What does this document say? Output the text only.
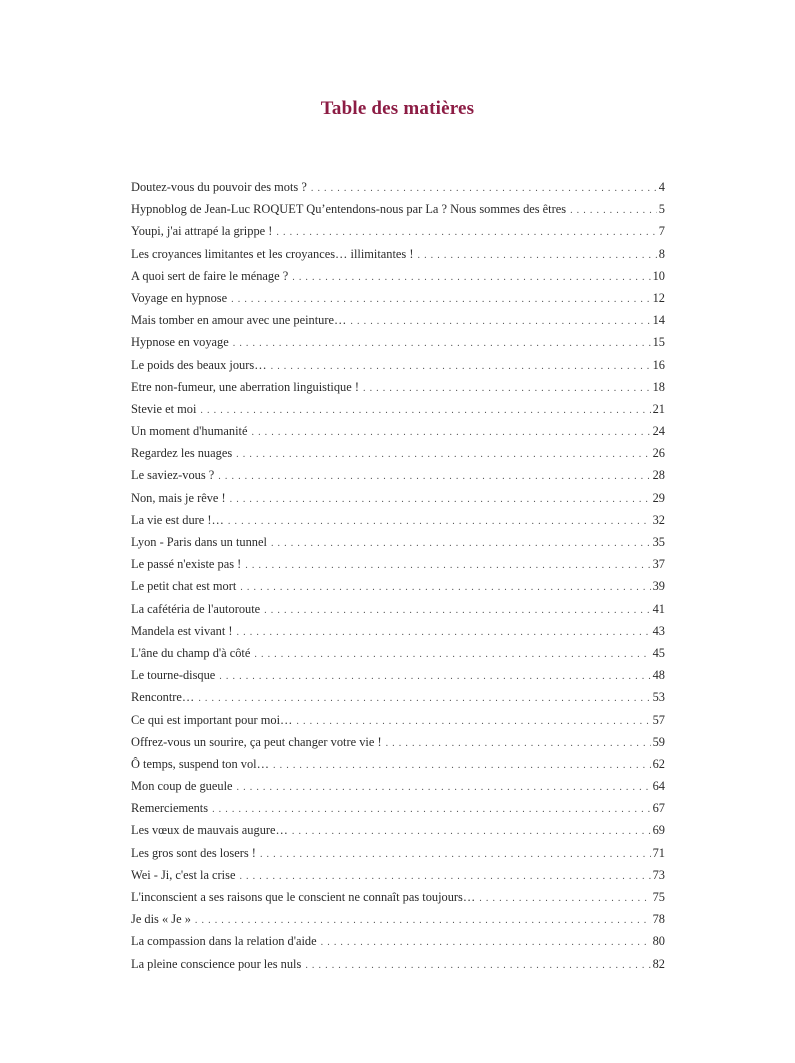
Table des matières
Doutez-vous du pouvoir des mots ? . . .	4
Hypnoblog de Jean-Luc ROQUET Qu’entendons-nous par La ? Nous sommes des êtres . . .	5
Youpi, j'ai attrapé la grippe ! . . .	7
Les croyances limitantes et les croyances… illimitantes ! . . .	8
A quoi sert de faire le ménage ? . . .	10
Voyage en hypnose . . .	12
Mais tomber en amour avec une peinture… . . .	14
Hypnose en voyage . . .	15
Le poids des beaux jours… . . .	16
Etre non-fumeur, une aberration linguistique ! . . .	18
Stevie et moi . . .	21
Un moment d'humanité . . .	24
Regardez les nuages . . .	26
Le saviez-vous ? . . .	28
Non, mais je rêve ! . . .	29
La vie est dure !… . . .	32
Lyon - Paris dans un tunnel . . .	35
Le passé n'existe pas ! . . .	37
Le petit chat est mort . . .	39
La cafétéria de l'autoroute . . .	41
Mandela est vivant ! . . .	43
L'âne du champ d'à côté . . .	45
Le tourne-disque . . .	48
Rencontre… . . .	53
Ce qui est important pour moi… . . .	57
Offrez-vous un sourire, ça peut changer votre vie ! . . .	59
Ô temps, suspend ton vol… . . .	62
Mon coup de gueule . . .	64
Remerciements . . .	67
Les vœux de mauvais augure… . . .	69
Les gros sont des losers ! . . .	71
Wei - Ji, c'est la crise . . .	73
L'inconscient a ses raisons que le conscient ne connaît pas toujours… . . .	75
Je dis « Je » . . .	78
La compassion dans la relation d'aide . . .	80
La pleine conscience pour les nuls . . .	82
